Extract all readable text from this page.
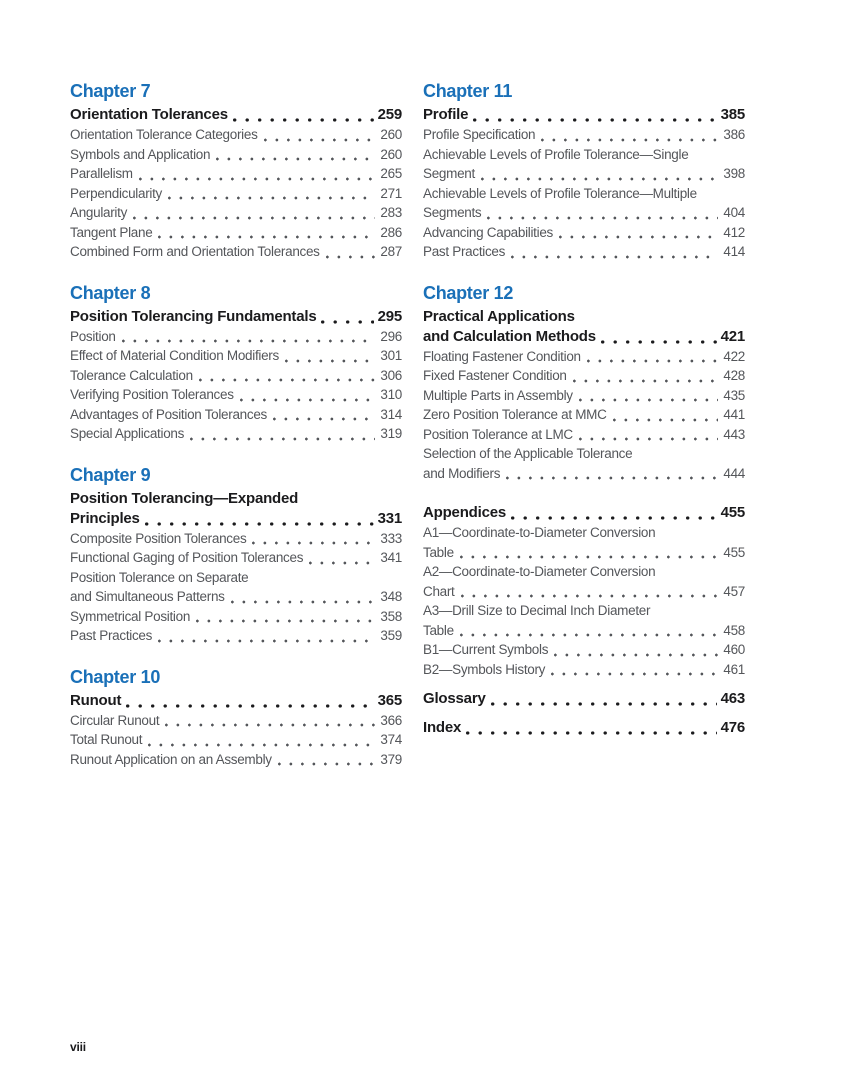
Chapter 7
Orientation Tolerances	259
Orientation Tolerance Categories	260
Symbols and Application	260
Parallelism	265
Perpendicularity	271
Angularity	283
Tangent Plane	286
Combined Form and Orientation Tolerances	287
Chapter 8
Position Tolerancing Fundamentals	295
Position	296
Effect of Material Condition Modifiers	301
Tolerance Calculation	306
Verifying Position Tolerances	310
Advantages of Position Tolerances	314
Special Applications	319
Chapter 9
Position Tolerancing—Expanded
Principles	331
Composite Position Tolerances	333
Functional Gaging of Position Tolerances	341
Position Tolerance on Separate
and Simultaneous Patterns	348
Symmetrical Position	358
Past Practices	359
Chapter 10
Runout	365
Circular Runout	366
Total Runout	374
Runout Application on an Assembly	379
Chapter 11
Profile	385
Profile Specification	386
Achievable Levels of Profile Tolerance—Single
Segment	398
Achievable Levels of Profile Tolerance—Multiple
Segments	404
Advancing Capabilities	412
Past Practices	414
Chapter 12
Practical Applications
and Calculation Methods	421
Floating Fastener Condition	422
Fixed Fastener Condition	428
Multiple Parts in Assembly	435
Zero Position Tolerance at MMC	441
Position Tolerance at LMC	443
Selection of the Applicable Tolerance
and Modifiers	444
Appendices	455
A1—Coordinate-to-Diameter Conversion
Table	455
A2—Coordinate-to-Diameter Conversion
Chart	457
A3—Drill Size to Decimal Inch Diameter
Table	458
B1—Current Symbols	460
B2—Symbols History	461
Glossary	463
Index	476
viii
